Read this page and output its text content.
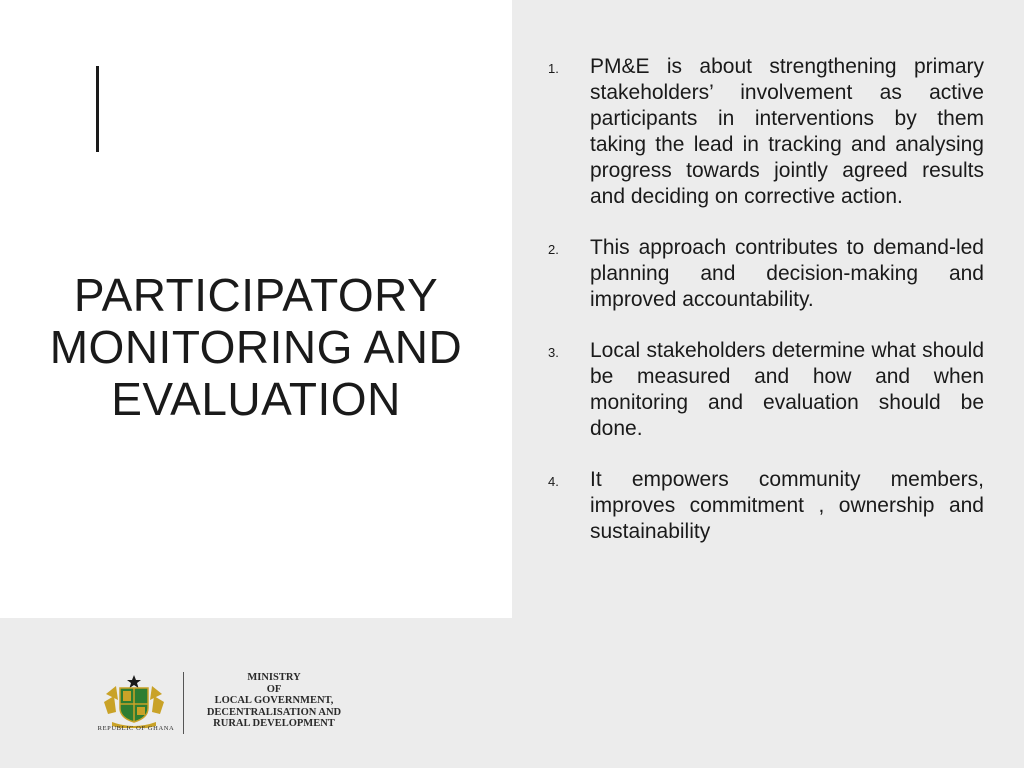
PARTICIPATORY
MONITORING AND
EVALUATION
1.	PM&E is about strengthening primary stakeholders’ involvement as active participants in interventions by them taking the lead in tracking and analysing progress towards jointly agreed results and deciding on corrective action.

2.	This approach contributes to demand-led planning and decision-making and improved accountability.

3.	Local stakeholders determine what should be measured and how and when monitoring and evaluation should be done.

4.	It empowers community members, improves commitment , ownership and sustainability

REPUBLIC OF GHANA
MINISTRY
OF
LOCAL GOVERNMENT,
DECENTRALISATION AND
RURAL DEVELOPMENT
